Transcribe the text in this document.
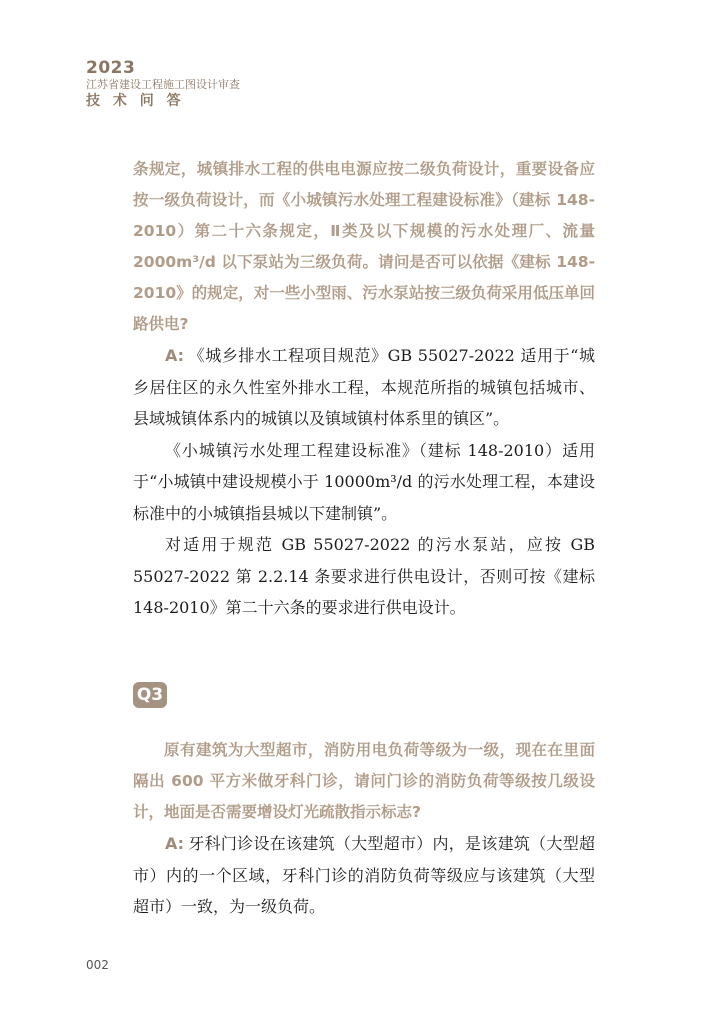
2023
江苏省建设工程施工图设计审查
技 术 问 答
条规定，城镇排水工程的供电电源应按二级负荷设计，重要设备应按一级负荷设计，而《小城镇污水处理工程建设标准》（建标 148-2010）第二十六条规定，Ⅱ类及以下规模的污水处理厂、流量 2000m³/d 以下泵站为三级负荷。请问是否可以依据《建标 148-2010》的规定，对一些小型雨、污水泵站按三级负荷采用低压单回路供电?
A: 《城乡排水工程项目规范》GB 55027-2022 适用于“城乡居住区的永久性室外排水工程，本规范所指的城镇包括城市、县域城镇体系内的城镇以及镇域镇村体系里的镇区”。
《小城镇污水处理工程建设标准》（建标 148-2010）适用于“小城镇中建设规模小于 10000m³/d 的污水处理工程，本建设标准中的小城镇指县城以下建制镇”。
对适用于规范 GB 55027-2022 的污水泵站，应按 GB 55027-2022 第 2.2.14 条要求进行供电设计，否则可按《建标 148-2010》第二十六条的要求进行供电设计。
Q3
原有建筑为大型超市，消防用电负荷等级为一级，现在在里面隔出 600 平方米做牙科门诊，请问门诊的消防负荷等级按几级设计，地面是否需要增设灯光疏散指示标志?
A: 牙科门诊设在该建筑（大型超市）内，是该建筑（大型超市）内的一个区域，牙科门诊的消防负荷等级应与该建筑（大型超市）一致，为一级负荷。
002
